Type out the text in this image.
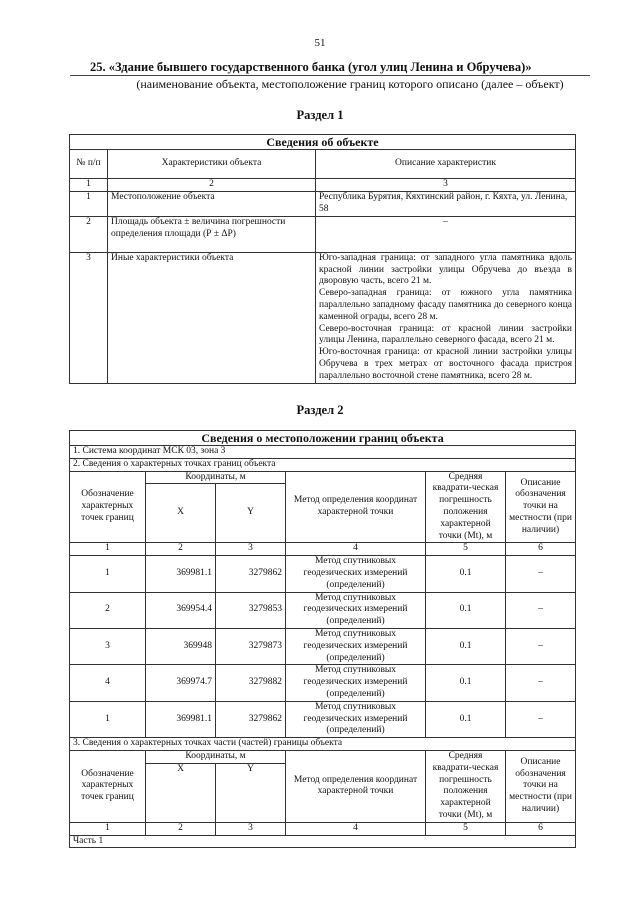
51
25. «Здание бывшего государственного банка (угол улиц Ленина и Обручева)»
(наименование объекта, местоположение границ которого описано (далее – объект)
Раздел 1
Сведения об объекте		
№ п/п	Характеристики объекта	Описание характеристик
1	2	3
1	Местоположение объекта	Республика Бурятия, Кяхтинский район, г. Кяхта, ул. Ленина, 58
2	Площадь объекта ± величина погрешности определения площади (Р ± ΔР)	–
3	Иные характеристики объекта	Юго-западная граница: от западного угла памятника вдоль красной линии застройки улицы Обручева до въезда в дворовую часть, всего 21 м.
Северо-западная граница: от южного угла памятника параллельно западному фасаду памятника до северного конца каменной ограды, всего 28 м.
Северо-восточная граница: от красной линии застройки улицы Ленина, параллельно северного фасада, всего 21 м.
Юго-восточная граница: от красной линии застройки улицы Обручева в трех метрах от восточного фасада пристроя параллельно восточной стене памятника, всего 28 м.
Раздел 2
Сведения о местоположении границ объекта					
1. Система координат МСК 03, зона 3					
2. Сведения о характерных точках границ объекта					
Обозначение характерных точек границ	Координаты, м		Метод определения координат характерной точки	Средняя квадрати-ческая погрешность положения характерной точки (Мt), м	Описание обозначения точки на местности (при наличии)
	X	Y			
1	2	3	4	5	6
1	369981.1	3279862	Метод спутниковых геодезических измерений (определений)	0.1	–
2	369954.4	3279853	Метод спутниковых геодезических измерений (определений)	0.1	–
3	369948	3279873	Метод спутниковых геодезических измерений (определений)	0.1	–
4	369974.7	3279882	Метод спутниковых геодезических измерений (определений)	0.1	–
1	369981.1	3279862	Метод спутниковых геодезических измерений (определений)	0.1	–
3. Сведения о характерных точках части (частей) границы объекта					
Обозначение характерных точек границ	Координаты, м		Метод определения координат характерной точки	Средняя квадрати-ческая погрешность положения характерной точки (Мt), м	Описание обозначения точки на местности (при наличии)
	X	Y			
1	2	3	4	5	6
Часть 1					
